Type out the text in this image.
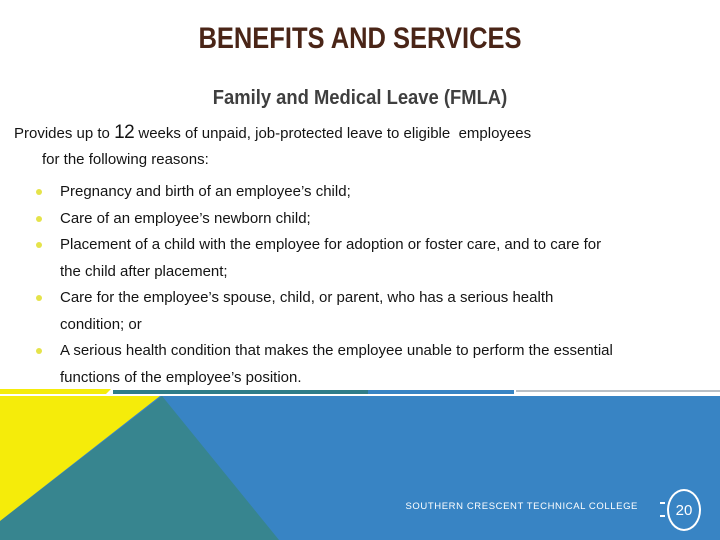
BENEFITS AND SERVICES
Family and Medical Leave (FMLA)

Provides up to 12 weeks of unpaid, job-protected leave to eligible  employees
for the following reasons:

Pregnancy and birth of an employee’s child;
Care of an employee’s newborn child;
Placement of a child with the employee for adoption or foster care, and to care for the child after placement;
Care for the employee’s spouse, child, or parent, who has a serious health condition; or
A serious health condition that makes the employee unable to perform the essential functions of the employee’s position.
SOUTHERN CRESCENT TECHNICAL COLLEGE	20
